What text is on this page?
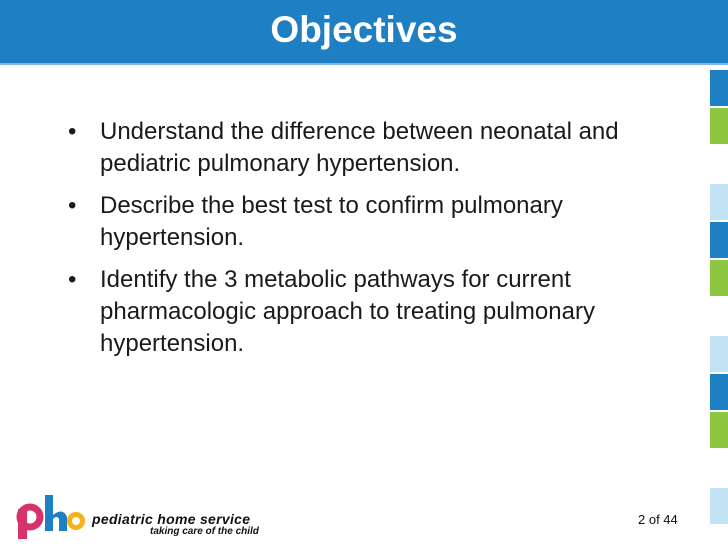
Objectives
• Understand the difference between neonatal and pediatric pulmonary hypertension.
• Describe the best test to confirm pulmonary hypertension.
• Identify the 3 metabolic pathways for current pharmacologic approach to treating pulmonary hypertension.
pediatric home service
taking care of the child
2 of 44
